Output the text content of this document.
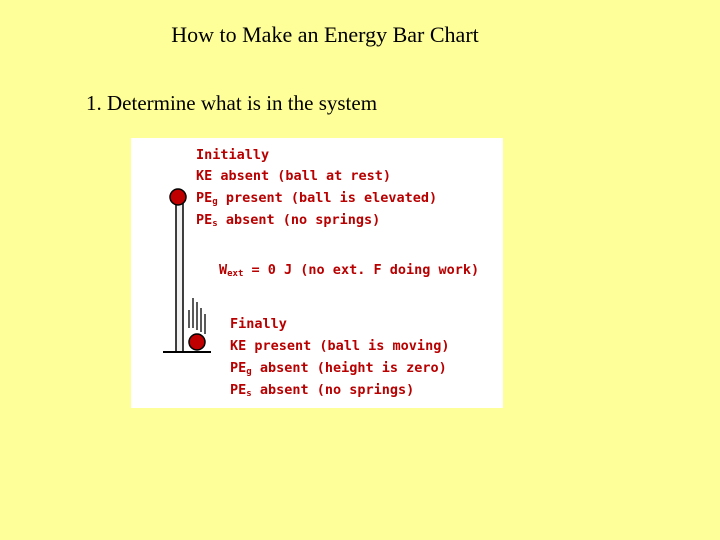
How to Make an Energy Bar Chart
1. Determine what is in the system
Initially
KE absent (ball at rest)
$PE_g$ present (ball is elevated)
$PE_s$ absent (no springs)
$W_{ext} = 0$ J (no ext. F doing work)
Finally
KE present (ball is moving)
$PE_g$ absent (height is zero)
$PE_s$ absent (no springs)
